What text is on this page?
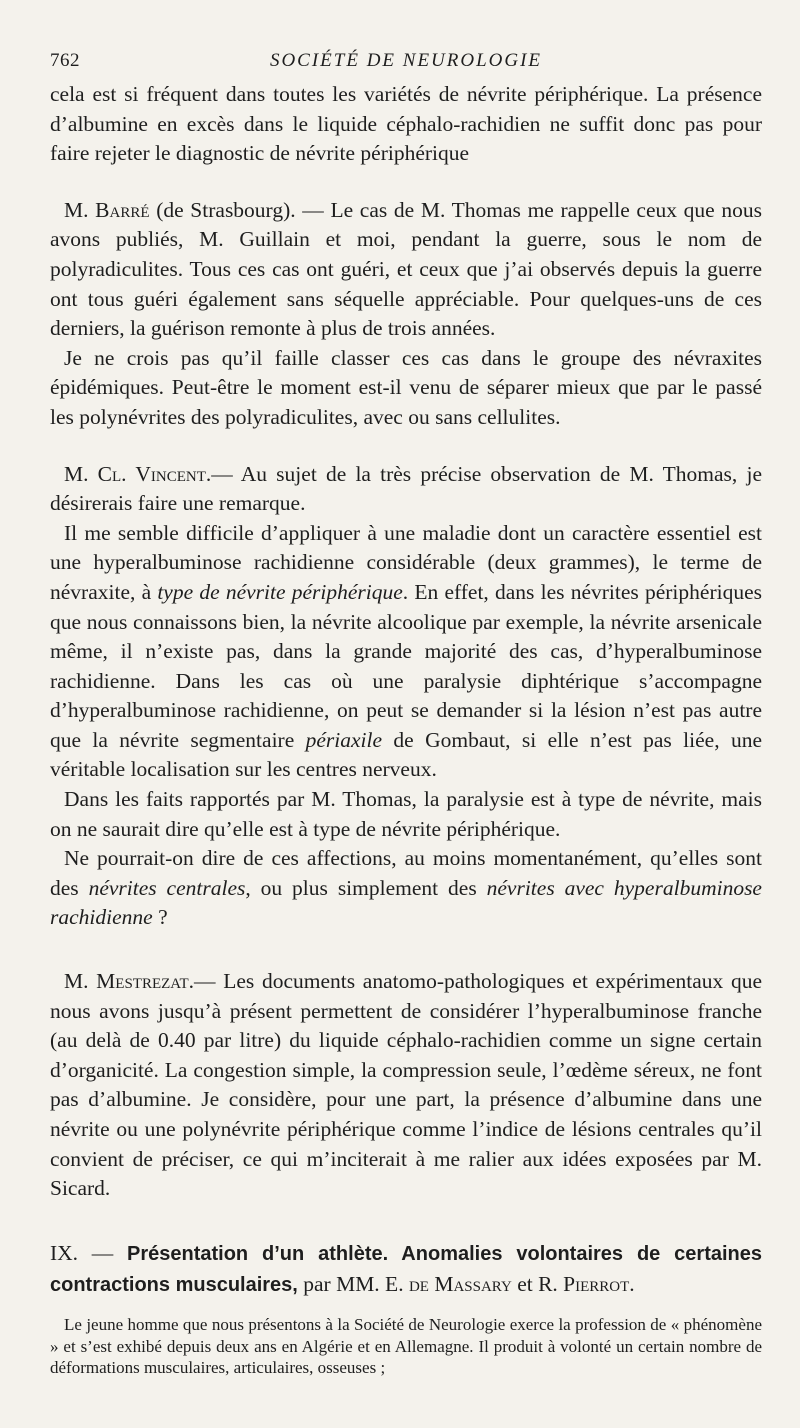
762	SOCIÉTÉ DE NEUROLOGIE

cela est si fréquent dans toutes les variétés de névrite périphérique. La présence d’albumine en excès dans le liquide céphalo-rachidien ne suffit donc pas pour faire rejeter le diagnostic de névrite périphérique

M. Barré (de Strasbourg). — Le cas de M. Thomas me rappelle ceux que nous avons publiés, M. Guillain et moi, pendant la guerre, sous le nom de polyradiculites. Tous ces cas ont guéri, et ceux que j’ai observés depuis la guerre ont tous guéri également sans séquelle appréciable. Pour quelques-uns de ces derniers, la guérison remonte à plus de trois années.

Je ne crois pas qu’il faille classer ces cas dans le groupe des névraxites épidémiques. Peut-être le moment est-il venu de séparer mieux que par le passé les polynévrites des polyradiculites, avec ou sans cellulites.

M. Cl. Vincent.— Au sujet de la très précise observation de M. Thomas, je désirerais faire une remarque.

Il me semble difficile d’appliquer à une maladie dont un caractère essentiel est une hyperalbuminose rachidienne considérable (deux grammes), le terme de névraxite, à type de névrite périphérique. En effet, dans les névrites périphériques que nous connaissons bien, la névrite alcoolique par exemple, la névrite arsenicale même, il n’existe pas, dans la grande majorité des cas, d’hyperalbuminose rachidienne. Dans les cas où une paralysie diphtérique s’accompagne d’hyperalbuminose rachidienne, on peut se demander si la lésion n’est pas autre que la névrite segmentaire périaxile de Gombaut, si elle n’est pas liée, une véritable localisation sur les centres nerveux.

Dans les faits rapportés par M. Thomas, la paralysie est à type de névrite, mais on ne saurait dire qu’elle est à type de névrite périphérique.

Ne pourrait-on dire de ces affections, au moins momentanément, qu’elles sont des névrites centrales, ou plus simplement des névrites avec hyperalbuminose rachidienne ?

M. Mestrezat.— Les documents anatomo-pathologiques et expérimentaux que nous avons jusqu’à présent permettent de considérer l’hyperalbuminose franche (au delà de 0.40 par litre) du liquide céphalo-rachidien comme un signe certain d’organicité. La congestion simple, la compression seule, l’œdème séreux, ne font pas d’albumine. Je considère, pour une part, la présence d’albumine dans une névrite ou une polynévrite périphérique comme l’indice de lésions centrales qu’il convient de préciser, ce qui m’inciterait à me ralier aux idées exposées par M. Sicard.

IX. — Présentation d’un athlète. Anomalies volontaires de certaines contractions musculaires, par MM. E. de Massary et R. Pierrot.

Le jeune homme que nous présentons à la Société de Neurologie exerce la profession de « phénomène » et s’est exhibé depuis deux ans en Algérie et en Allemagne. Il produit à volonté un certain nombre de déformations musculaires, articulaires, osseuses ;
